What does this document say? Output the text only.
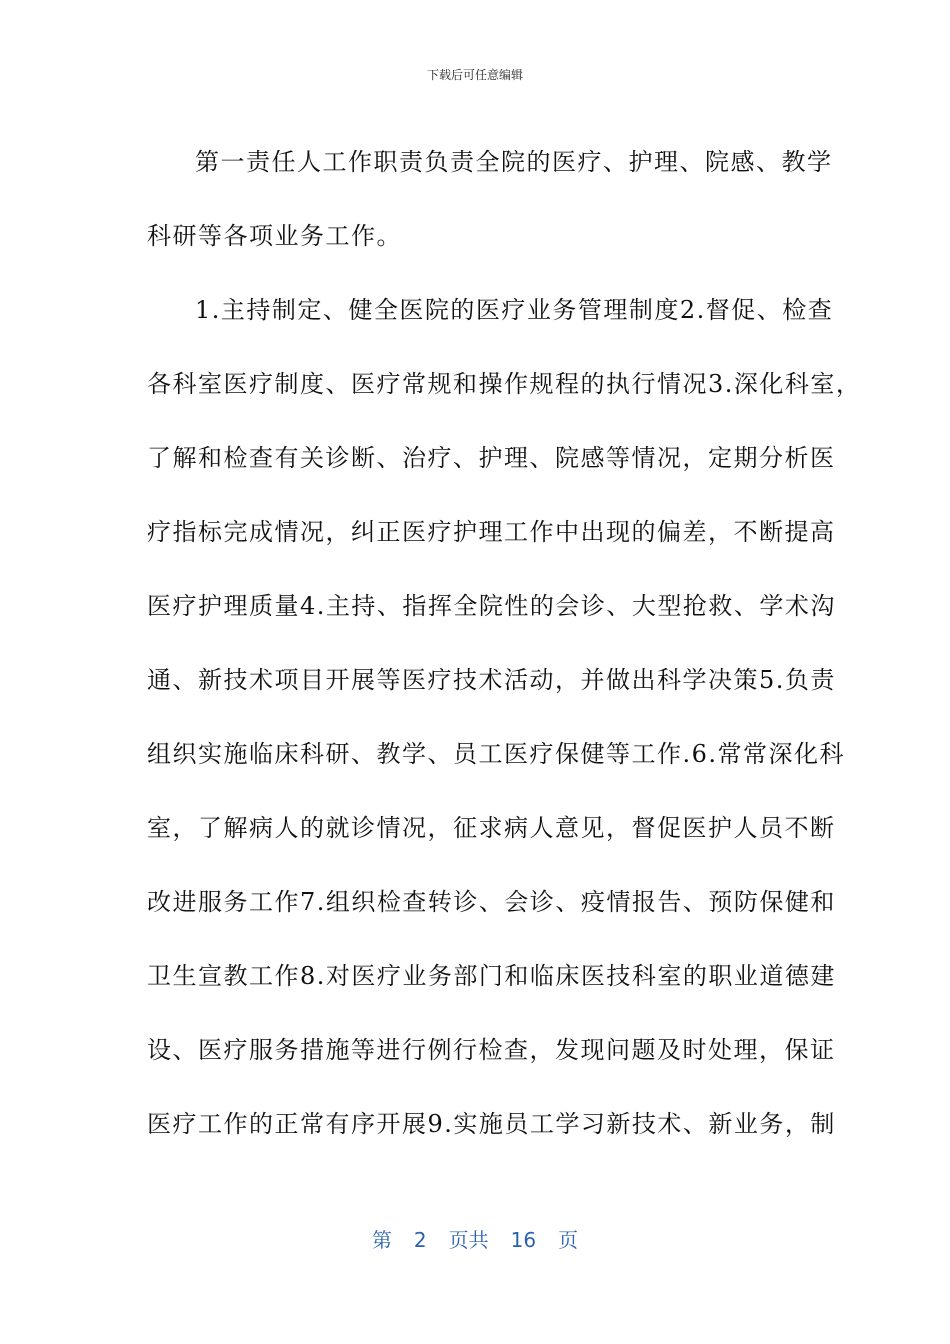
下载后可任意编辑
第一责任人工作职责负责全院的医疗、护理、院感、教学
科研等各项业务工作。
1.主持制定、健全医院的医疗业务管理制度2.督促、检查
各科室医疗制度、医疗常规和操作规程的执行情况3.深化科室，
了解和检查有关诊断、治疗、护理、院感等情况，定期分析医
疗指标完成情况，纠正医疗护理工作中出现的偏差，不断提高
医疗护理质量4.主持、指挥全院性的会诊、大型抢救、学术沟
通、新技术项目开展等医疗技术活动，并做出科学决策5.负责
组织实施临床科研、教学、员工医疗保健等工作.6.常常深化科
室，了解病人的就诊情况，征求病人意见，督促医护人员不断
改进服务工作7.组织检查转诊、会诊、疫情报告、预防保健和
卫生宣教工作8.对医疗业务部门和临床医技科室的职业道德建
设、医疗服务措施等进行例行检查，发现问题及时处理，保证
医疗工作的正常有序开展9.实施员工学习新技术、新业务，制
第 2 页共 16 页
